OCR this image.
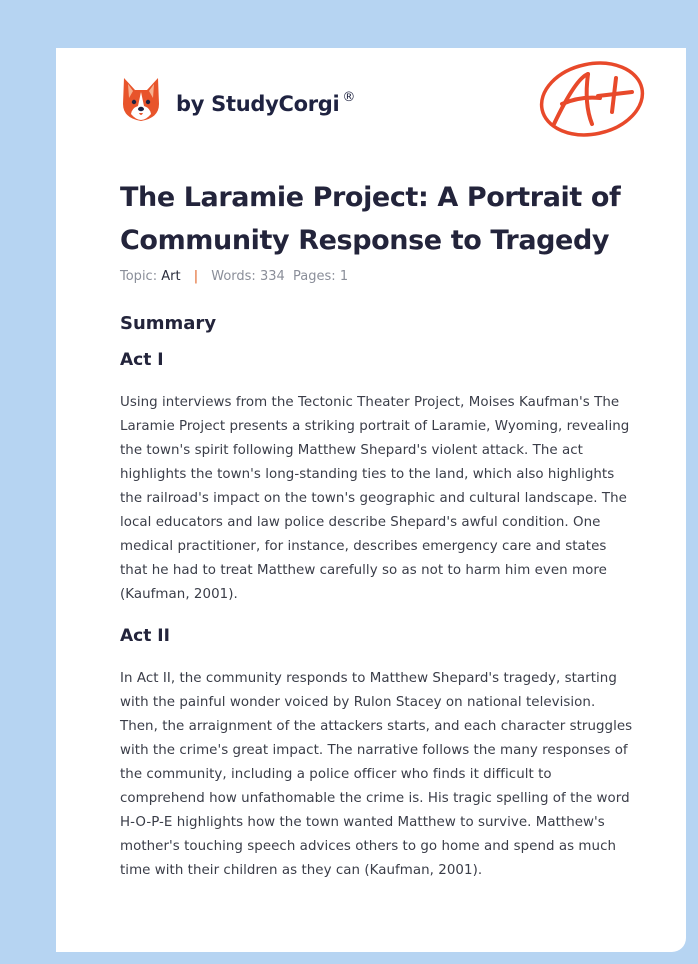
by StudyCorgi ®
The Laramie Project: A Portrait of Community Response to Tragedy
Topic: Art | Words: 334 Pages: 1
Summary
Act I

Using interviews from the Tectonic Theater Project, Moises Kaufman's The Laramie Project presents a striking portrait of Laramie, Wyoming, revealing the town's spirit following Matthew Shepard's violent attack. The act highlights the town's long-standing ties to the land, which also highlights the railroad's impact on the town's geographic and cultural landscape. The local educators and law police describe Shepard's awful condition. One medical practitioner, for instance, describes emergency care and states that he had to treat Matthew carefully so as not to harm him even more (Kaufman, 2001).

Act II

In Act II, the community responds to Matthew Shepard's tragedy, starting with the painful wonder voiced by Rulon Stacey on national television. Then, the arraignment of the attackers starts, and each character struggles with the crime's great impact. The narrative follows the many responses of the community, including a police officer who finds it difficult to comprehend how unfathomable the crime is. His tragic spelling of the word H-O-P-E highlights how the town wanted Matthew to survive. Matthew's mother's touching speech advices others to go home and spend as much time with their children as they can (Kaufman, 2001).
